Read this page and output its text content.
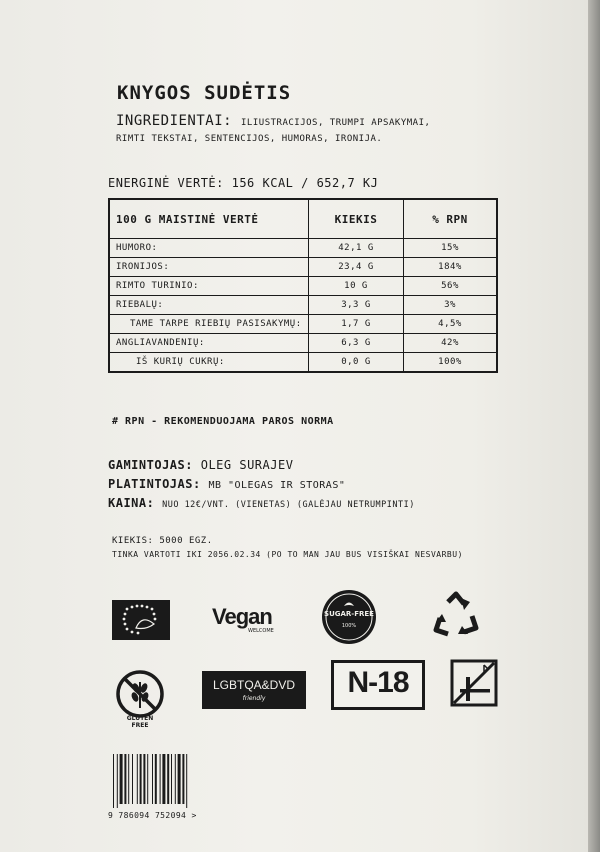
KNYGOS SUDĖTIS
INGREDIENTAI: ILIUSTRACIJOS, TRUMPI APSAKYMAI,
RIMTI TEKSTAI, SENTENCIJOS, HUMORAS, IRONIJA.
ENERGINĖ VERTĖ: 156 KCAL / 652,7 KJ
100 G MAISTINĖ VERTĖ	KIEKIS	% RPN
HUMORO:	42,1 G	15%
IRONIJOS:	23,4 G	184%
RIMTO TURINIO:	10 G	56%
RIEBALŲ:	3,3 G	3%
TAME TARPE RIEBIŲ PASISAKYMŲ:	1,7 G	4,5%
ANGLIAVANDENIŲ:	6,3 G	42%
IŠ KURIŲ CUKRŲ:	0,0 G	100%
# RPN - REKOMENDUOJAMA PAROS NORMA
GAMINTOJAS: OLEG SURAJEV
PLATINTOJAS: MB "OLEGAS IR STORAS"
KAINA: NUO 12€/VNT. (VIENETAS) (GALĖJAU NETRUMPINTI)
KIEKIS: 5000 EGZ.
TINKA VARTOTI IKI 2056.02.34 (PO TO MAN JAU BUS VISIŠKAI NESVARBU)
Vegan
WELCOME
SUGAR-FREE
100%
GLUTEN FREE
LGBTQA&DVD
friendly	N-18
9 786094 752094 >
